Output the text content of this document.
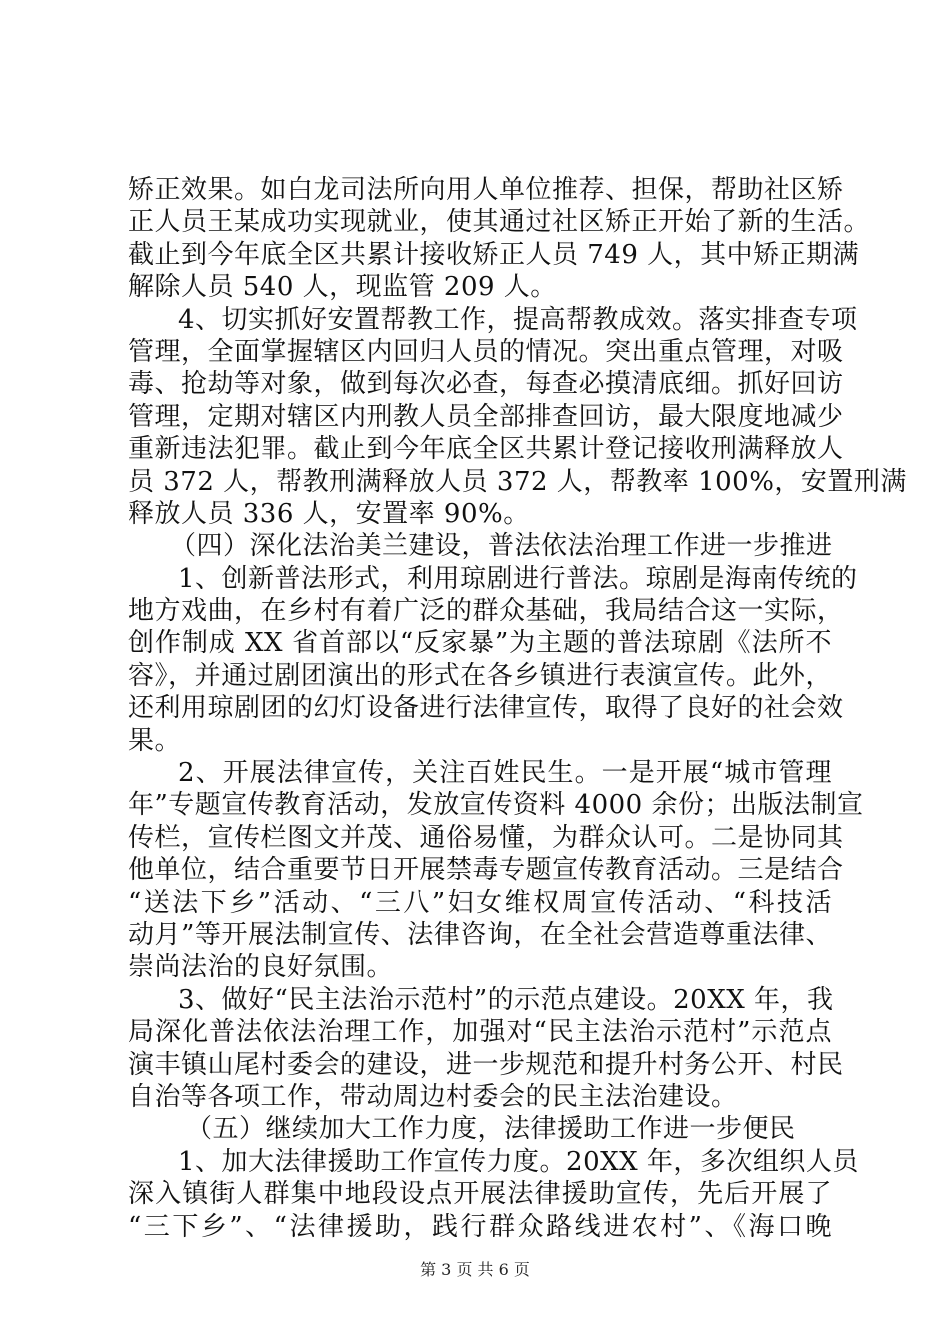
矫正效果。如白龙司法所向用人单位推荐、担保，帮助社区矫
正人员王某成功实现就业，使其通过社区矫正开始了新的生活。
截止到今年底全区共累计接收矫正人员 749 人，其中矫正期满
解除人员 540 人，现监管 209 人。
4、切实抓好安置帮教工作，提高帮教成效。落实排查专项
管理，全面掌握辖区内回归人员的情况。突出重点管理，对吸
毒、抢劫等对象，做到每次必查，每查必摸清底细。抓好回访
管理，定期对辖区内刑教人员全部排查回访，最大限度地减少
重新违法犯罪。截止到今年底全区共累计登记接收刑满释放人
员 372 人，帮教刑满释放人员 372 人，帮教率 100%，安置刑满
释放人员 336 人，安置率 90%。
（四）深化法治美兰建设，普法依法治理工作进一步推进
1、创新普法形式，利用琼剧进行普法。琼剧是海南传统的
地方戏曲，在乡村有着广泛的群众基础，我局结合这一实际，
创作制成 XX 省首部以“反家暴”为主题的普法琼剧《法所不
容》，并通过剧团演出的形式在各乡镇进行表演宣传。此外，
还利用琼剧团的幻灯设备进行法律宣传，取得了良好的社会效
果。
2、开展法律宣传，关注百姓民生。一是开展“城市管理
年”专题宣传教育活动，发放宣传资料 4000 余份；出版法制宣
传栏，宣传栏图文并茂、通俗易懂，为群众认可。二是协同其
他单位，结合重要节日开展禁毒专题宣传教育活动。三是结合
“送法下乡”活动、“三八”妇女维权周宣传活动、“科技活
动月”等开展法制宣传、法律咨询，在全社会营造尊重法律、
崇尚法治的良好氛围。
3、做好“民主法治示范村”的示范点建设。20XX 年，我
局深化普法依法治理工作，加强对“民主法治示范村”示范点
演丰镇山尾村委会的建设，进一步规范和提升村务公开、村民
自治等各项工作，带动周边村委会的民主法治建设。
（五）继续加大工作力度，法律援助工作进一步便民
1、加大法律援助工作宣传力度。20XX 年，多次组织人员
深入镇街人群集中地段设点开展法律援助宣传，先后开展了
“三下乡”、“法律援助，践行群众路线进农村”、《海口晚
第 3 页 共 6 页
